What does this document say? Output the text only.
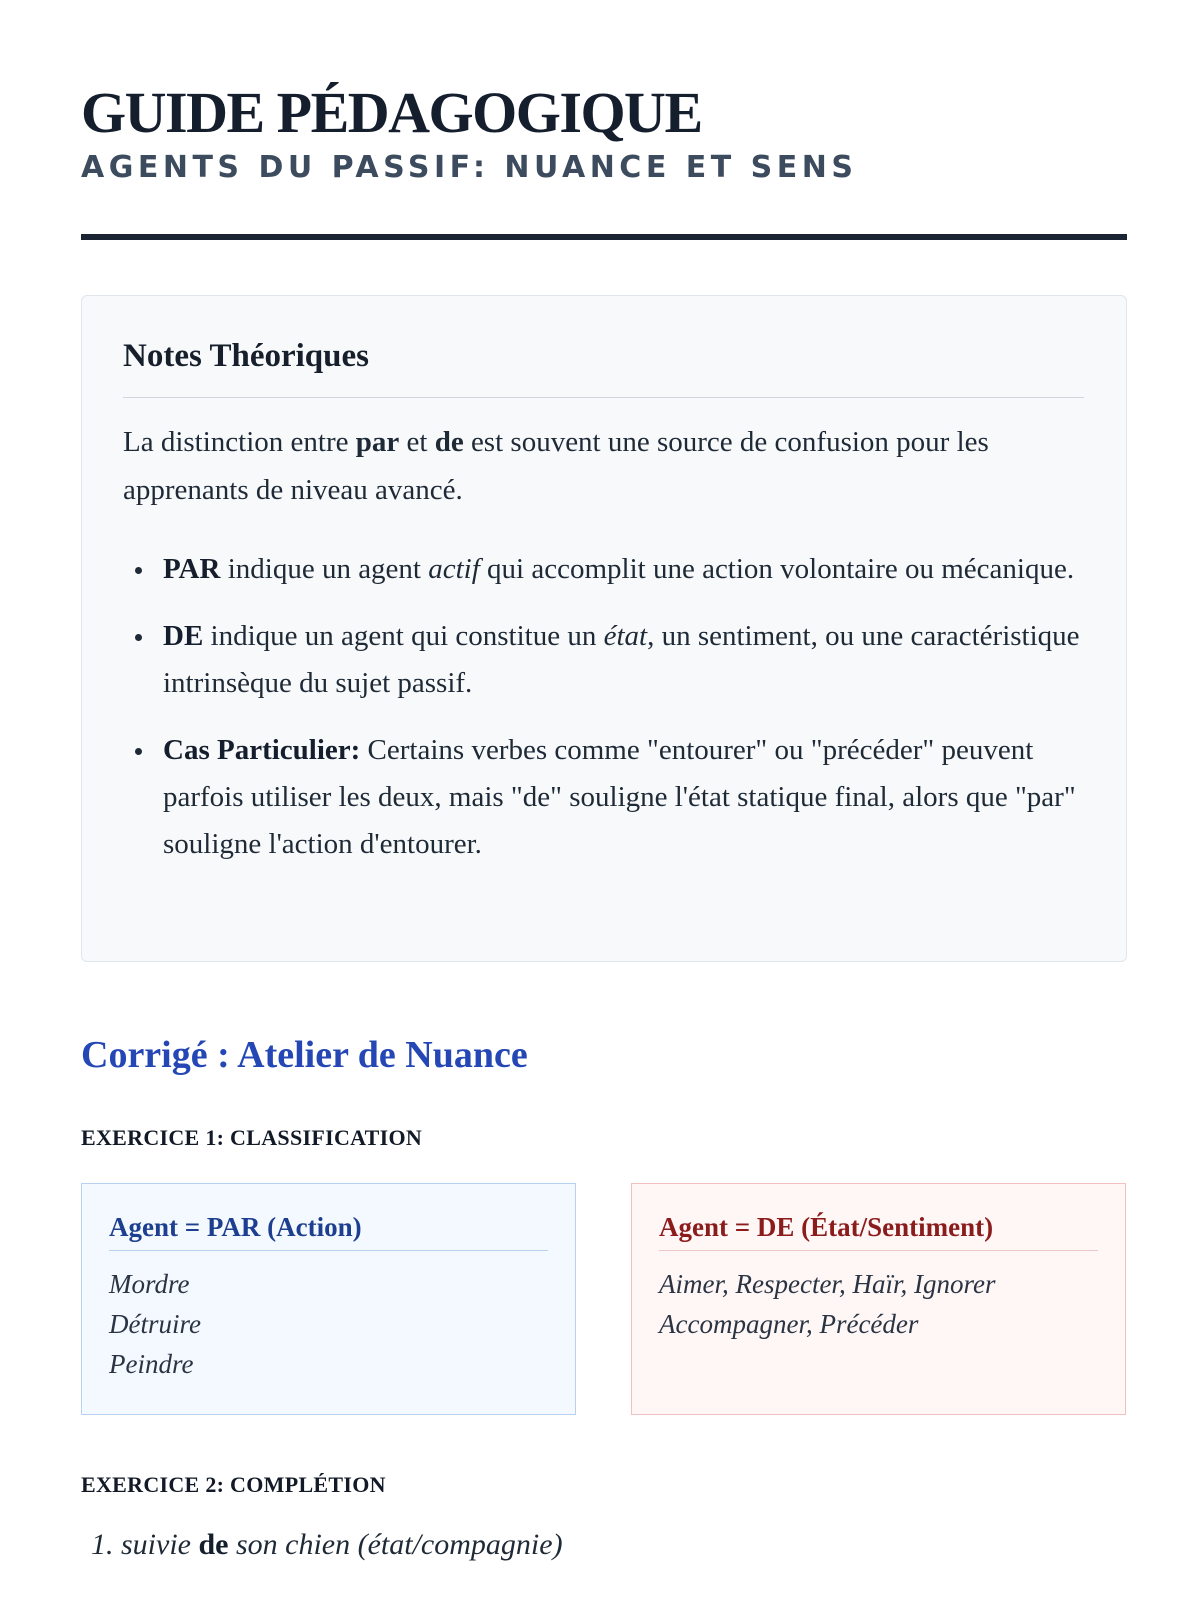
GUIDE PÉDAGOGIQUE
AGENTS DU PASSIF: NUANCE ET SENS
Notes Théoriques

La distinction entre par et de est souvent une source de confusion pour les apprenants de niveau avancé.

PAR indique un agent actif qui accomplit une action volontaire ou mécanique.
DE indique un agent qui constitue un état, un sentiment, ou une caractéristique intrinsèque du sujet passif.
Cas Particulier: Certains verbes comme "entourer" ou "précéder" peuvent parfois utiliser les deux, mais "de" souligne l'état statique final, alors que "par" souligne l'action d'entourer.
Corrigé : Atelier de Nuance
EXERCICE 1: CLASSIFICATION
Agent = PAR (Action)
Mordre
Détruire
Peindre
Agent = DE (État/Sentiment)
Aimer, Respecter, Haïr, Ignorer
Accompagner, Précéder
EXERCICE 2: COMPLÉTION
1. suivie de son chien (état/compagnie)
